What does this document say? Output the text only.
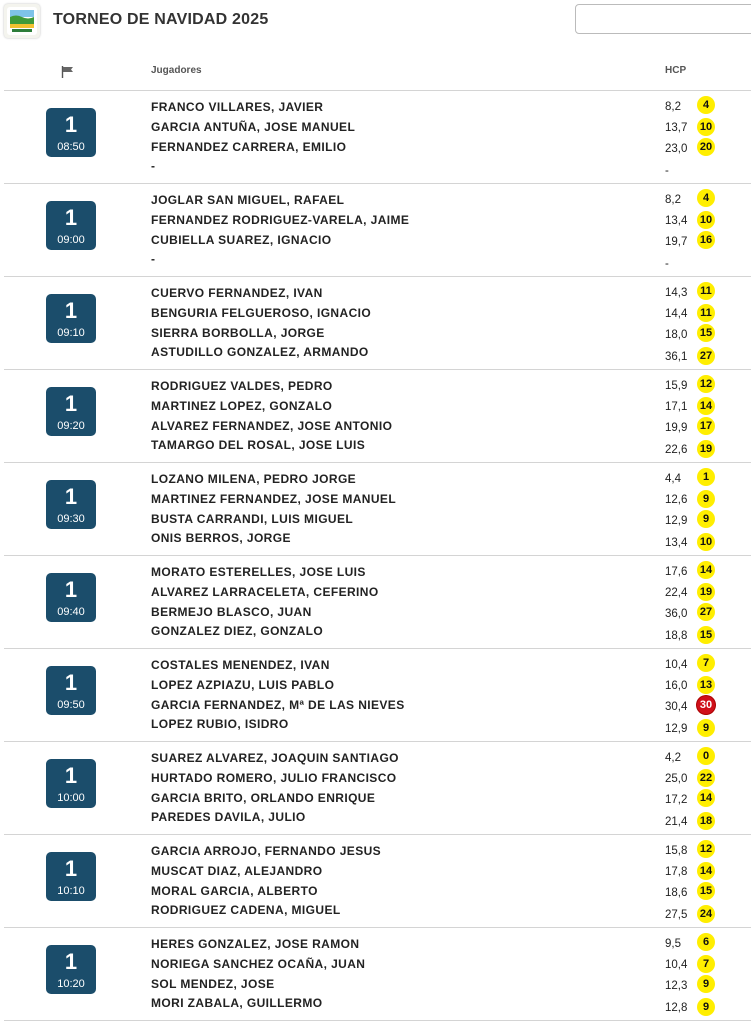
TORNEO DE NAVIDAD 2025
Jugadores	HCP
1
08:50
FRANCO VILLARES, JAVIER	8,2	4
GARCIA ANTUÑA, JOSE MANUEL	13,7 10
FERNANDEZ CARRERA, EMILIO	23,0 20
-	-
1
09:00
JOGLAR SAN MIGUEL, RAFAEL	8,2	4
FERNANDEZ RODRIGUEZ-VARELA, JAIME	13,4 10
CUBIELLA SUAREZ, IGNACIO	19,7 16
-	-
1
09:10
CUERVO FERNANDEZ, IVAN	14,3 11
BENGURIA FELGUEROSO, IGNACIO	14,4 11
SIERRA BORBOLLA, JORGE	18,0 15
ASTUDILLO GONZALEZ, ARMANDO	36,1 27
1
09:20
RODRIGUEZ VALDES, PEDRO	15,9 12
MARTINEZ LOPEZ, GONZALO	17,1 14
ALVAREZ FERNANDEZ, JOSE ANTONIO	19,9 17
TAMARGO DEL ROSAL, JOSE LUIS	22,6 19
1
09:30
LOZANO MILENA, PEDRO JORGE	4,4	1
MARTINEZ FERNANDEZ, JOSE MANUEL	12,6	9
BUSTA CARRANDI, LUIS MIGUEL	12,9	9
ONIS BERROS, JORGE	13,4 10
1
09:40
MORATO ESTERELLES, JOSE LUIS	17,6 14
ALVAREZ LARRACELETA, CEFERINO	22,4 19
BERMEJO BLASCO, JUAN	36,0 27
GONZALEZ DIEZ, GONZALO	18,8 15
1
09:50
COSTALES MENENDEZ, IVAN	10,4	7
LOPEZ AZPIAZU, LUIS PABLO	16,0 13
GARCIA FERNANDEZ, Mª DE LAS NIEVES	30,4 30
LOPEZ RUBIO, ISIDRO	12,9	9
1
10:00
SUAREZ ALVAREZ, JOAQUIN SANTIAGO	4,2	0
HURTADO ROMERO, JULIO FRANCISCO	25,0 22
GARCIA BRITO, ORLANDO ENRIQUE	17,2 14
PAREDES DAVILA, JULIO	21,4 18
1
10:10
GARCIA ARROJO, FERNANDO JESUS	15,8 12
MUSCAT DIAZ, ALEJANDRO	17,8 14
MORAL GARCIA, ALBERTO	18,6 15
RODRIGUEZ CADENA, MIGUEL	27,5 24
1
10:20
HERES GONZALEZ, JOSE RAMON	9,5	6
NORIEGA SANCHEZ OCAÑA, JUAN	10,4	7
SOL MENDEZ, JOSE	12,3	9
MORI ZABALA, GUILLERMO	12,8	9
